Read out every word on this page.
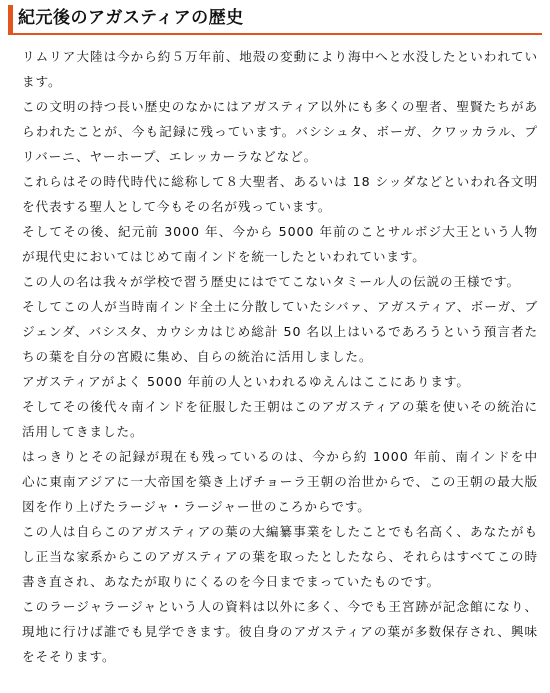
紀元後のアガスティアの歴史

リムリア大陸は今から約５万年前、地殻の変動により海中へと水没したといわれています。

この文明の持つ長い歴史のなかにはアガスティア以外にも多くの聖者、聖賢たちがあらわれたことが、今も記録に残っています。バシシュタ、ボーガ、クワッカラル、プリバーニ、ヤーホープ、エレッカーラなどなど。

これらはその時代時代に総称して８大聖者、あるいは 18 シッダなどといわれ各文明を代表する聖人として今もその名が残っています。

そしてその後、紀元前 3000 年、今から 5000 年前のことサルボジ大王という人物が現代史においてはじめて南インドを統一したといわれています。

この人の名は我々が学校で習う歴史にはでてこないタミール人の伝説の王様です。

そしてこの人が当時南インド全土に分散していたシバァ、アガスティア、ボーガ、ブジェンダ、バシスタ、カウシカはじめ総計 50 名以上はいるであろうという預言者たちの葉を自分の宮殿に集め、自らの統治に活用しました。

アガスティアがよく 5000 年前の人といわれるゆえんはここにあります。

そしてその後代々南インドを征服した王朝はこのアガスティアの葉を使いその統治に活用してきました。

はっきりとその記録が現在も残っているのは、今から約 1000 年前、南インドを中心に東南アジアに一大帝国を築き上げチョーラ王朝の治世からで、この王朝の最大版図を作り上げたラージャ・ラージャー世のころからです。

この人は自らこのアガスティアの葉の大編纂事業をしたことでも名高く、あなたがもし正当な家系からこのアガスティアの葉を取ったとしたなら、それらはすべてこの時書き直され、あなたが取りにくるのを今日までまっていたものです。

このラージャラージャという人の資料は以外に多く、今でも王宮跡が記念館になり、現地に行けば誰でも見学できます。彼自身のアガスティアの葉が多数保存され、興味をそそります。
